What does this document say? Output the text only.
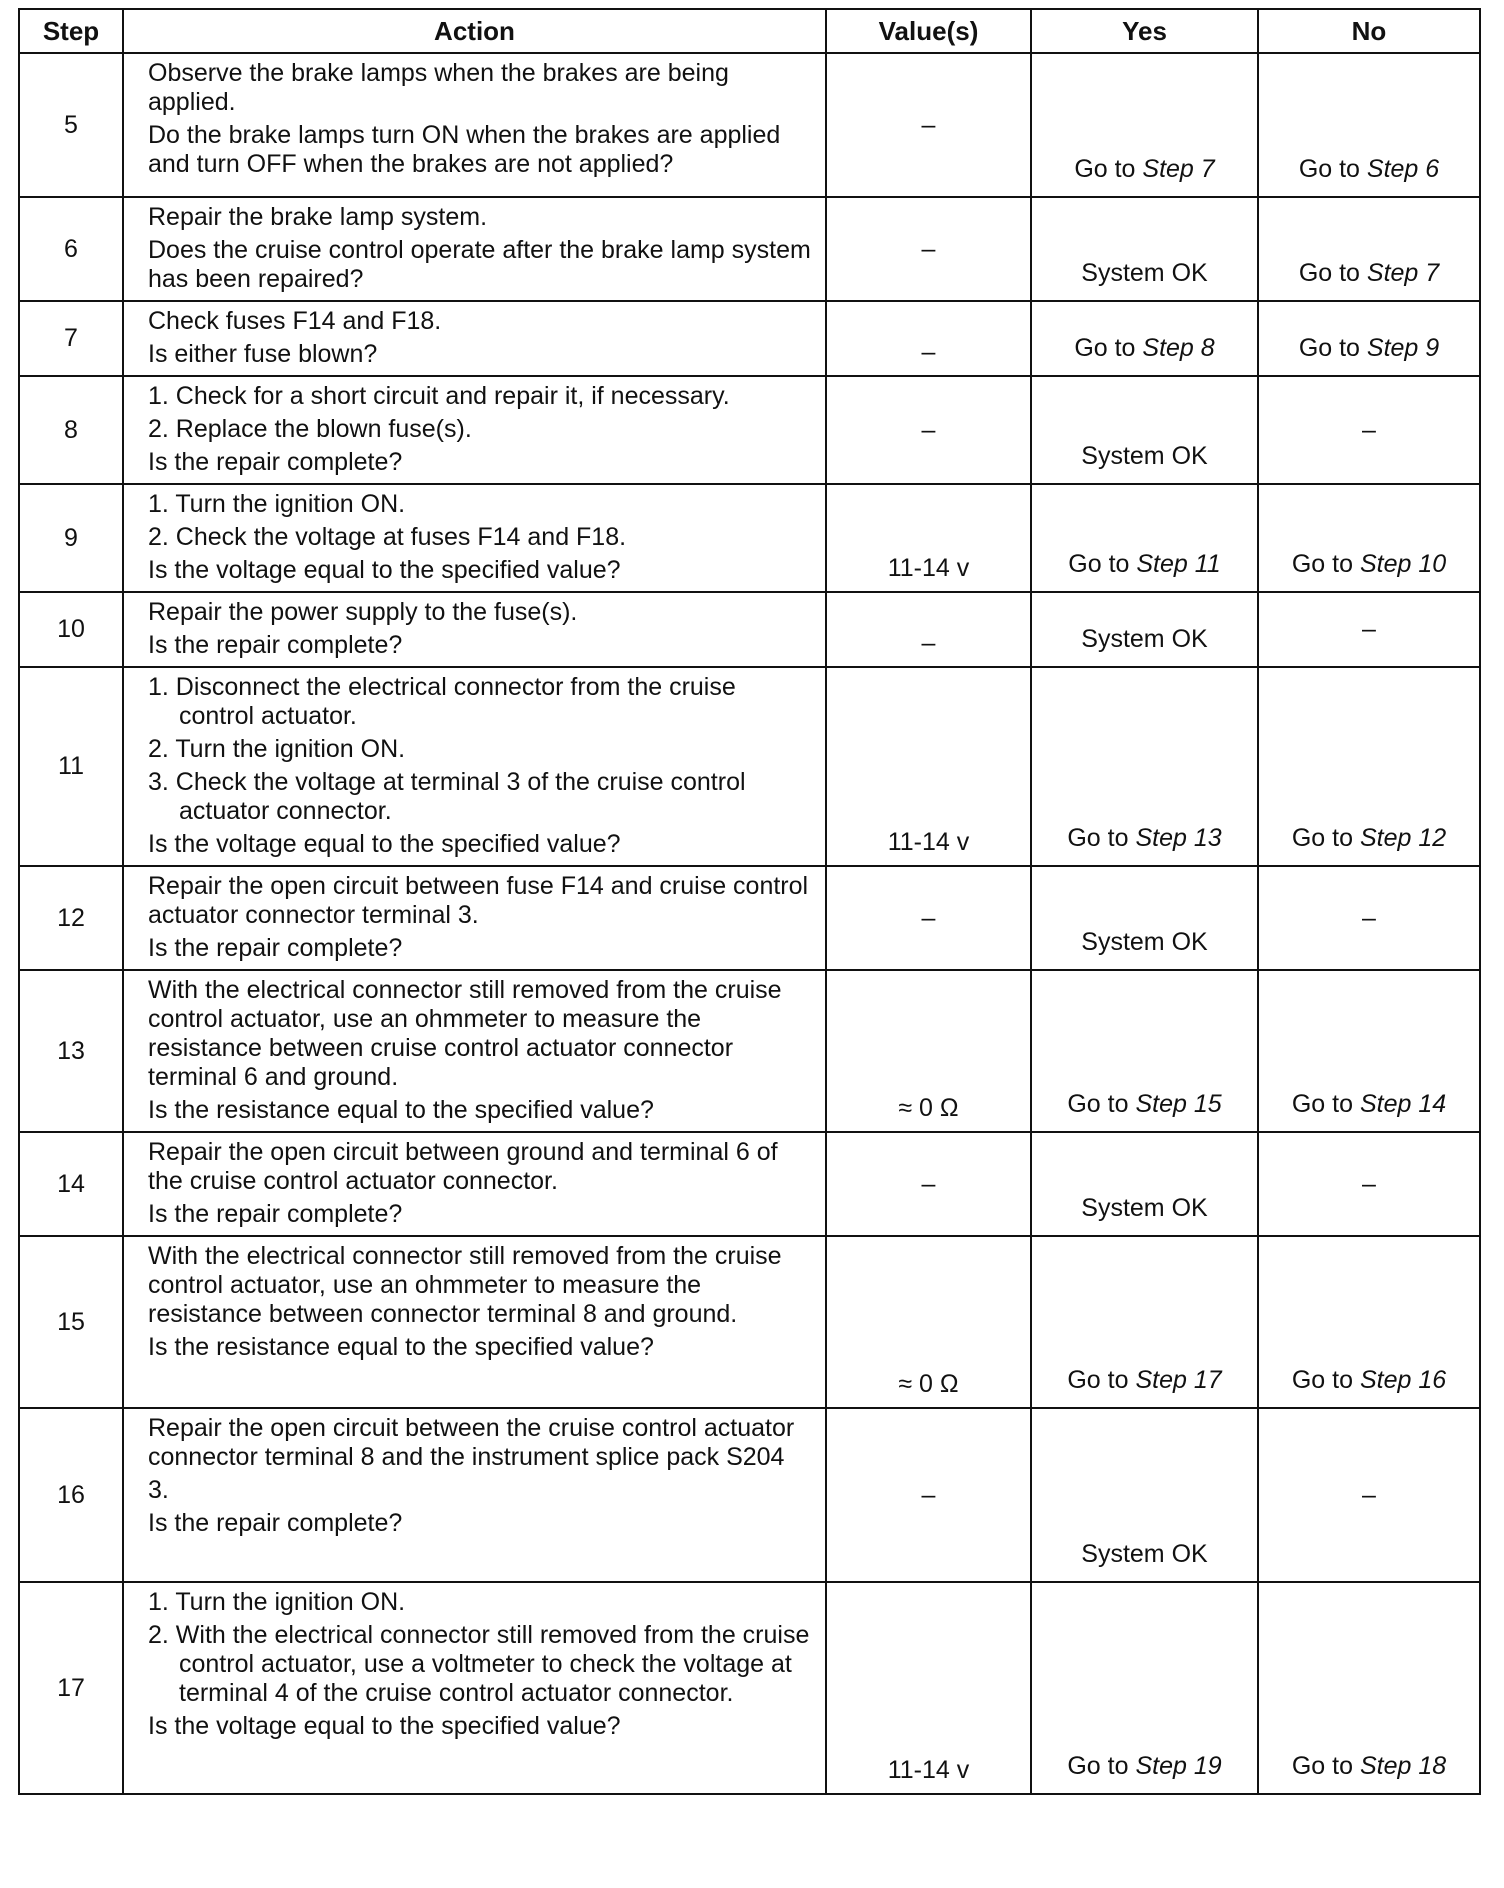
Step	Action	Value(s)	Yes	No
5	Observe the brake lamps when the brakes are being applied.
Do the brake lamps turn ON when the brakes are applied and turn OFF when the brakes are not applied?	–	Go to Step 7	Go to Step 6
6	Repair the brake lamp system.
Does the cruise control operate after the brake lamp system has been repaired?	–	System OK	Go to Step 7
7	Check fuses F14 and F18.
Is either fuse blown?	–	Go to Step 8	Go to Step 9
8	1. Check for a short circuit and repair it, if necessary.
2. Replace the blown fuse(s).
Is the repair complete?	–	System OK	–
9	1. Turn the ignition ON.
2. Check the voltage at fuses F14 and F18.
Is the voltage equal to the specified value?	11-14 v	Go to Step 11	Go to Step 10
10	Repair the power supply to the fuse(s).
Is the repair complete?	–	System OK	–
11	1. Disconnect the electrical connector from the cruise control actuator.
2. Turn the ignition ON.
3. Check the voltage at terminal 3 of the cruise control actuator connector.
Is the voltage equal to the specified value?	11-14 v	Go to Step 13	Go to Step 12
12	Repair the open circuit between fuse F14 and cruise control actuator connector terminal 3.
Is the repair complete?	–	System OK	–
13	With the electrical connector still removed from the cruise control actuator, use an ohmmeter to measure the resistance between cruise control actuator connector terminal 6 and ground.
Is the resistance equal to the specified value?	≈ 0 Ω	Go to Step 15	Go to Step 14
14	Repair the open circuit between ground and terminal 6 of the cruise control actuator connector.
Is the repair complete?	–	System OK	–
15	With the electrical connector still removed from the cruise control actuator, use an ohmmeter to measure the resistance between connector terminal 8 and ground.
Is the resistance equal to the specified value?	≈ 0 Ω	Go to Step 17	Go to Step 16
16	Repair the open circuit between the cruise control actuator connector terminal 8 and the instrument splice pack S204
3.
Is the repair complete?	–	System OK	–
17	1. Turn the ignition ON.
2. With the electrical connector still removed from the cruise control actuator, use a voltmeter to check the voltage at terminal 4 of the cruise control actuator connector.
Is the voltage equal to the specified value?	11-14 v	Go to Step 19	Go to Step 18
